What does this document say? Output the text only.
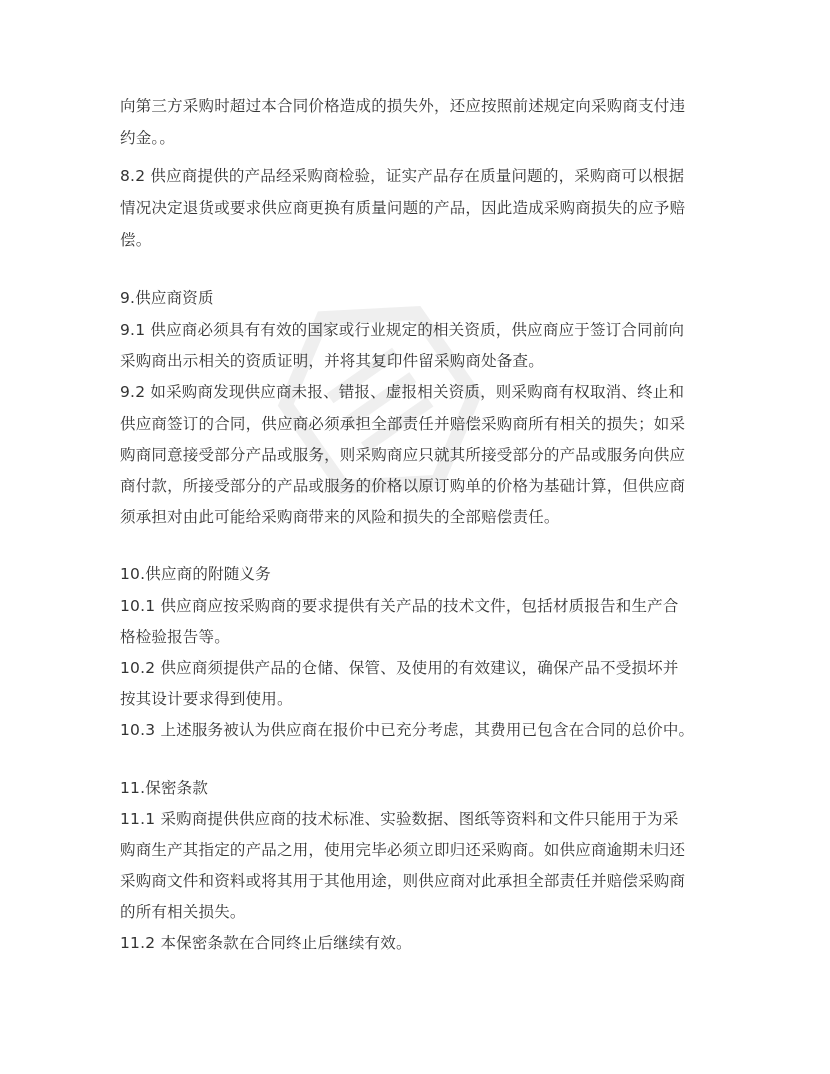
向第三方采购时超过本合同价格造成的损失外，还应按照前述规定向采购商支付违
约金。。
8.2 供应商提供的产品经采购商检验，证实产品存在质量问题的，采购商可以根据
情况决定退货或要求供应商更换有质量问题的产品，因此造成采购商损失的应予赔
偿。
9.供应商资质
9.1 供应商必须具有有效的国家或行业规定的相关资质，供应商应于签订合同前向
采购商出示相关的资质证明，并将其复印件留采购商处备查。
9.2 如采购商发现供应商未报、错报、虚报相关资质，则采购商有权取消、终止和
供应商签订的合同，供应商必须承担全部责任并赔偿采购商所有相关的损失；如采
购商同意接受部分产品或服务，则采购商应只就其所接受部分的产品或服务向供应
商付款，所接受部分的产品或服务的价格以原订购单的价格为基础计算，但供应商
须承担对由此可能给采购商带来的风险和损失的全部赔偿责任。
10.供应商的附随义务
10.1 供应商应按采购商的要求提供有关产品的技术文件，包括材质报告和生产合
格检验报告等。
10.2 供应商须提供产品的仓储、保管、及使用的有效建议，确保产品不受损坏并
按其设计要求得到使用。
10.3 上述服务被认为供应商在报价中已充分考虑，其费用已包含在合同的总价中。
11.保密条款
11.1 采购商提供供应商的技术标准、实验数据、图纸等资料和文件只能用于为采
购商生产其指定的产品之用，使用完毕必须立即归还采购商。如供应商逾期未归还
采购商文件和资料或将其用于其他用途，则供应商对此承担全部责任并赔偿采购商
的所有相关损失。
11.2 本保密条款在合同终止后继续有效。
